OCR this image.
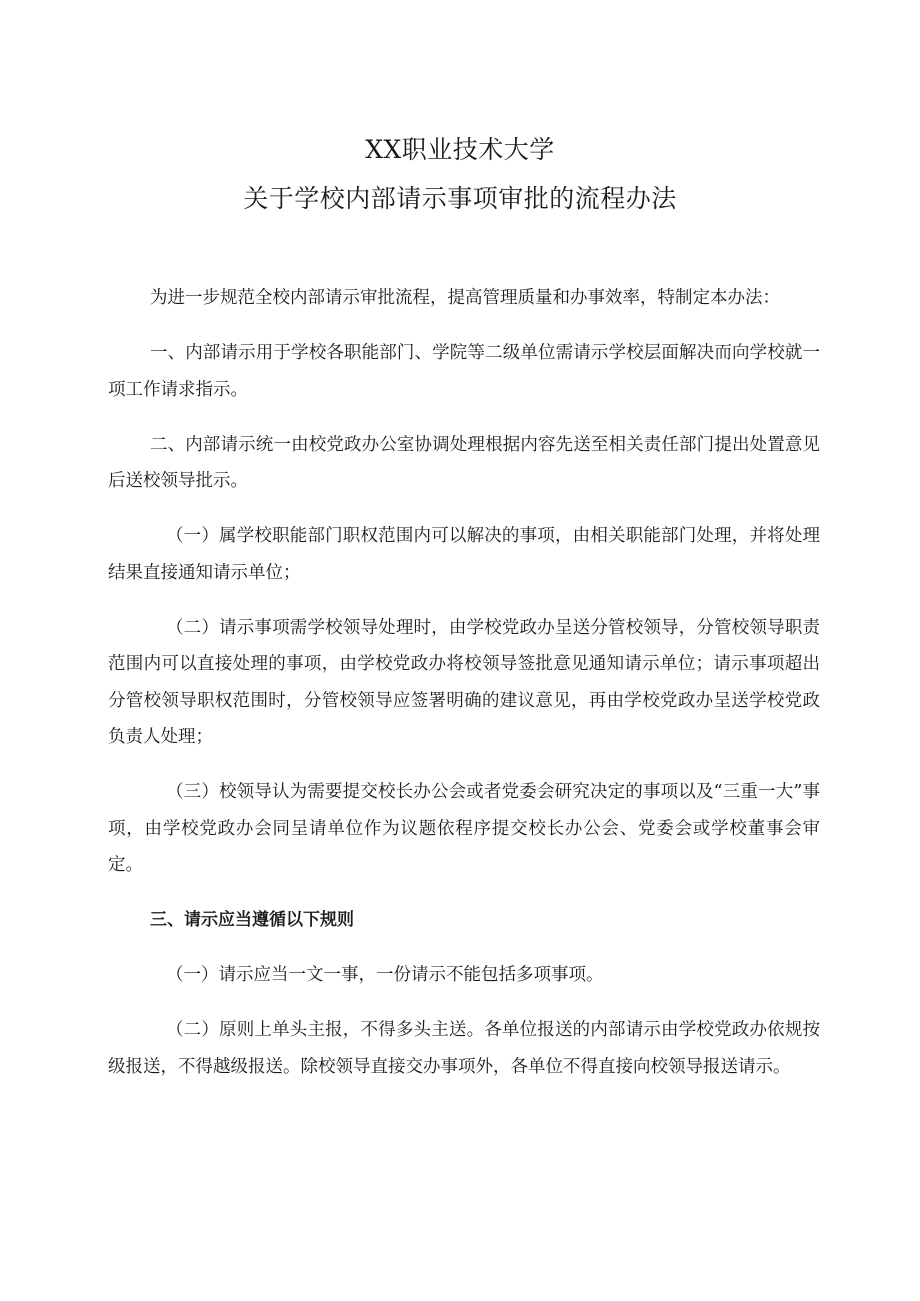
XX职业技术大学
关于学校内部请示事项审批的流程办法

为进一步规范全校内部请示审批流程，提高管理质量和办事效率，特制定本办法：

一、内部请示用于学校各职能部门、学院等二级单位需请示学校层面解决而向学校就一项工作请求指示。

二、内部请示统一由校党政办公室协调处理根据内容先送至相关责任部门提出处置意见后送校领导批示。

（一）属学校职能部门职权范围内可以解决的事项，由相关职能部门处理，并将处理结果直接通知请示单位；

（二）请示事项需学校领导处理时，由学校党政办呈送分管校领导，分管校领导职责范围内可以直接处理的事项，由学校党政办将校领导签批意见通知请示单位；请示事项超出分管校领导职权范围时，分管校领导应签署明确的建议意见，再由学校党政办呈送学校党政负责人处理；

（三）校领导认为需要提交校长办公会或者党委会研究决定的事项以及“三重一大”事项，由学校党政办会同呈请单位作为议题依程序提交校长办公会、党委会或学校董事会审定。

三、请示应当遵循以下规则

（一）请示应当一文一事，一份请示不能包括多项事项。

（二）原则上单头主报，不得多头主送。各单位报送的内部请示由学校党政办依规按级报送，不得越级报送。除校领导直接交办事项外，各单位不得直接向校领导报送请示。
